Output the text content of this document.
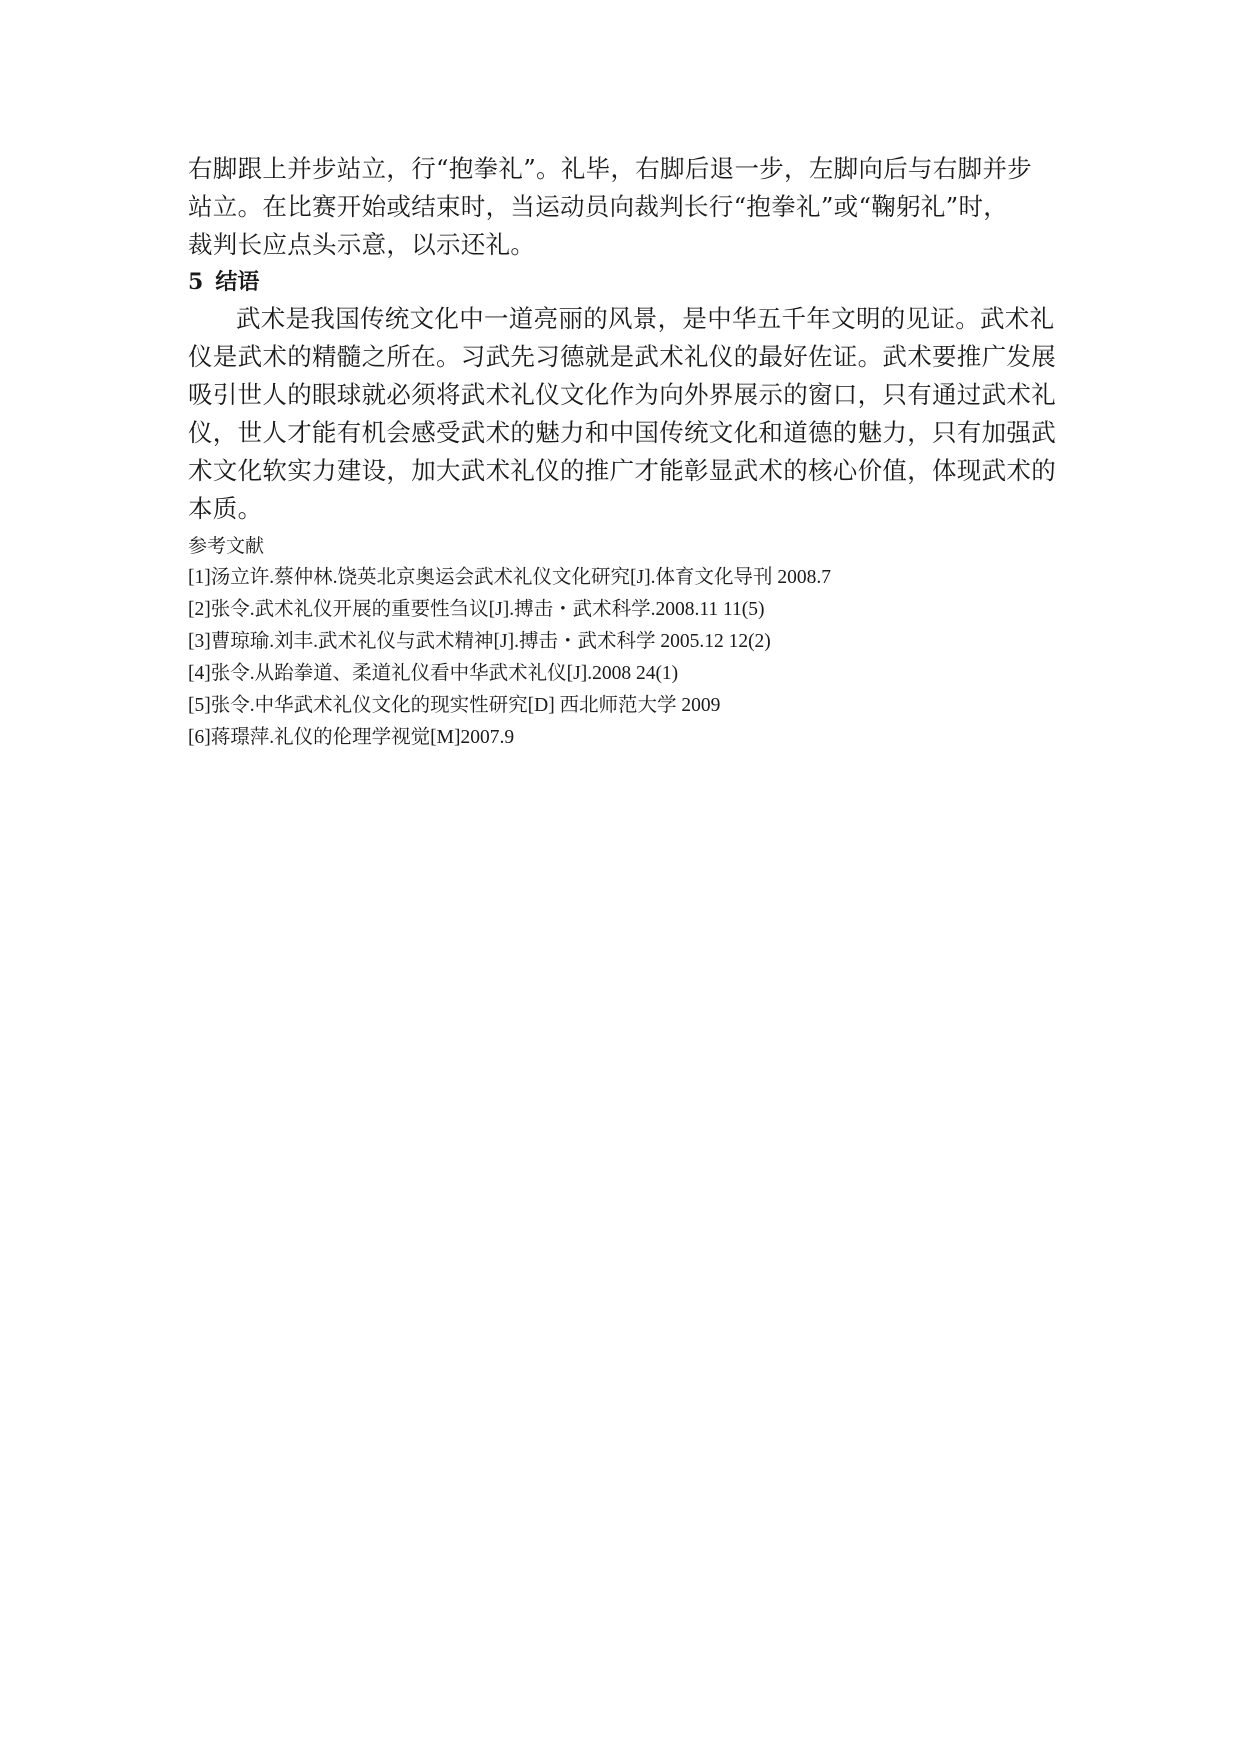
右脚跟上并步站立，行“抱拳礼”。礼毕，右脚后退一步，左脚向后与右脚并步

站立。在比赛开始或结束时，当运动员向裁判长行“抱拳礼”或“鞠躬礼”时，

裁判长应点头示意，以示还礼。

5 结语

武术是我国传统文化中一道亮丽的风景，是中华五千年文明的见证。武术礼

仪是武术的精髓之所在。习武先习德就是武术礼仪的最好佐证。武术要推广发展

吸引世人的眼球就必须将武术礼仪文化作为向外界展示的窗口，只有通过武术礼

仪，世人才能有机会感受武术的魅力和中国传统文化和道德的魅力，只有加强武

术文化软实力建设，加大武术礼仪的推广才能彰显武术的核心价值，体现武术的

本质。

参考文献

[1]汤立许.蔡仲林.饶英北京奥运会武术礼仪文化研究[J].体育文化导刊 2008.7

[2]张令.武术礼仪开展的重要性刍议[J].搏击・武术科学.2008.11 11(5)

[3]曹琼瑜.刘丰.武术礼仪与武术精神[J].搏击・武术科学 2005.12 12(2)

[4]张令.从跆拳道、柔道礼仪看中华武术礼仪[J].2008 24(1)

[5]张令.中华武术礼仪文化的现实性研究[D] 西北师范大学 2009

[6]蒋璟萍.礼仪的伦理学视觉[M]2007.9
